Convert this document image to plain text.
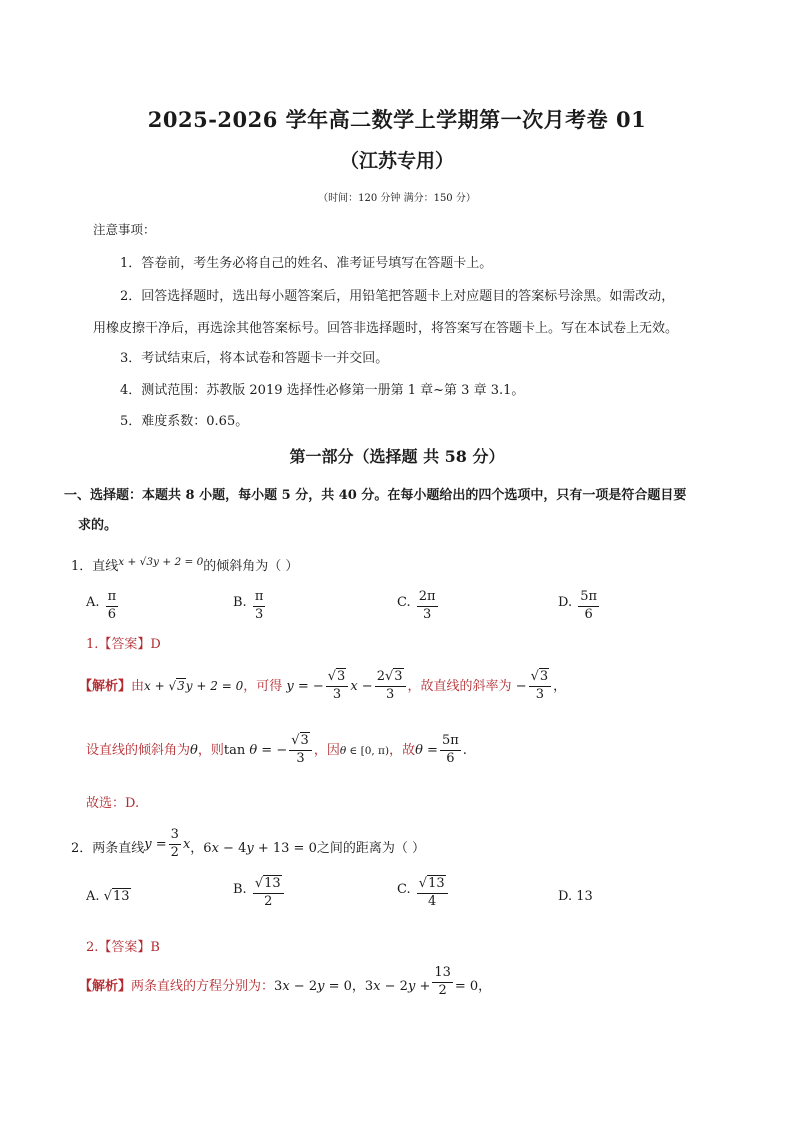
2025-2026 学年高二数学上学期第一次月考卷 01
（江苏专用）
（时间：120 分钟 满分：150 分）
注意事项：
1．答卷前，考生务必将自己的姓名、准考证号填写在答题卡上。
2．回答选择题时，选出每小题答案后，用铅笔把答题卡上对应题目的答案标号涂黑。如需改动，
用橡皮擦干净后，再选涂其他答案标号。回答非选择题时，将答案写在答题卡上。写在本试卷上无效。
3．考试结束后，将本试卷和答题卡一并交回。
4．测试范围：苏教版 2019 选择性必修第一册第 1 章~第 3 章 3.1。
5．难度系数：0.65。
第一部分（选择题 共 58 分）
一、选择题：本题共 8 小题，每小题 5 分，共 40 分。在每小题给出的四个选项中，只有一项是符合题目要
求的。
1．直线$^{x + √3y + 2 = 0}$的倾斜角为（ ）
A. $\frac{\pi}{6}$	B. $\frac{\pi}{3}$	C. $\frac{2\pi}{3}$	D. $\frac{5\pi}{6}$
1.【答案】D
【解析】由x + √3y + 2 = 0，可得 y = − $\frac{√3}{3}$ $x - \frac{2√3}{3}$ ，故直线的斜率为 − $\frac{√3}{3}$ ，
设直线的倾斜角为θ，则tan θ = − $\frac{√3}{3}$ ，因θ ∈ [0, π)，故$\theta = \frac{5\pi}{6}$ .
故选：D.
2．两条直线$y = \frac{3}{2}$ x，6x − 4y + 13 = 0之间的距离为（ ）
A. √13	B. $\frac{√13}{2}$	C. $\frac{√13}{4}$	D. 13
2.【答案】B
【解析】两条直线的方程分别为：3x − 2y = 0，$3x - 2y + \frac{13}{2} = 0$，
